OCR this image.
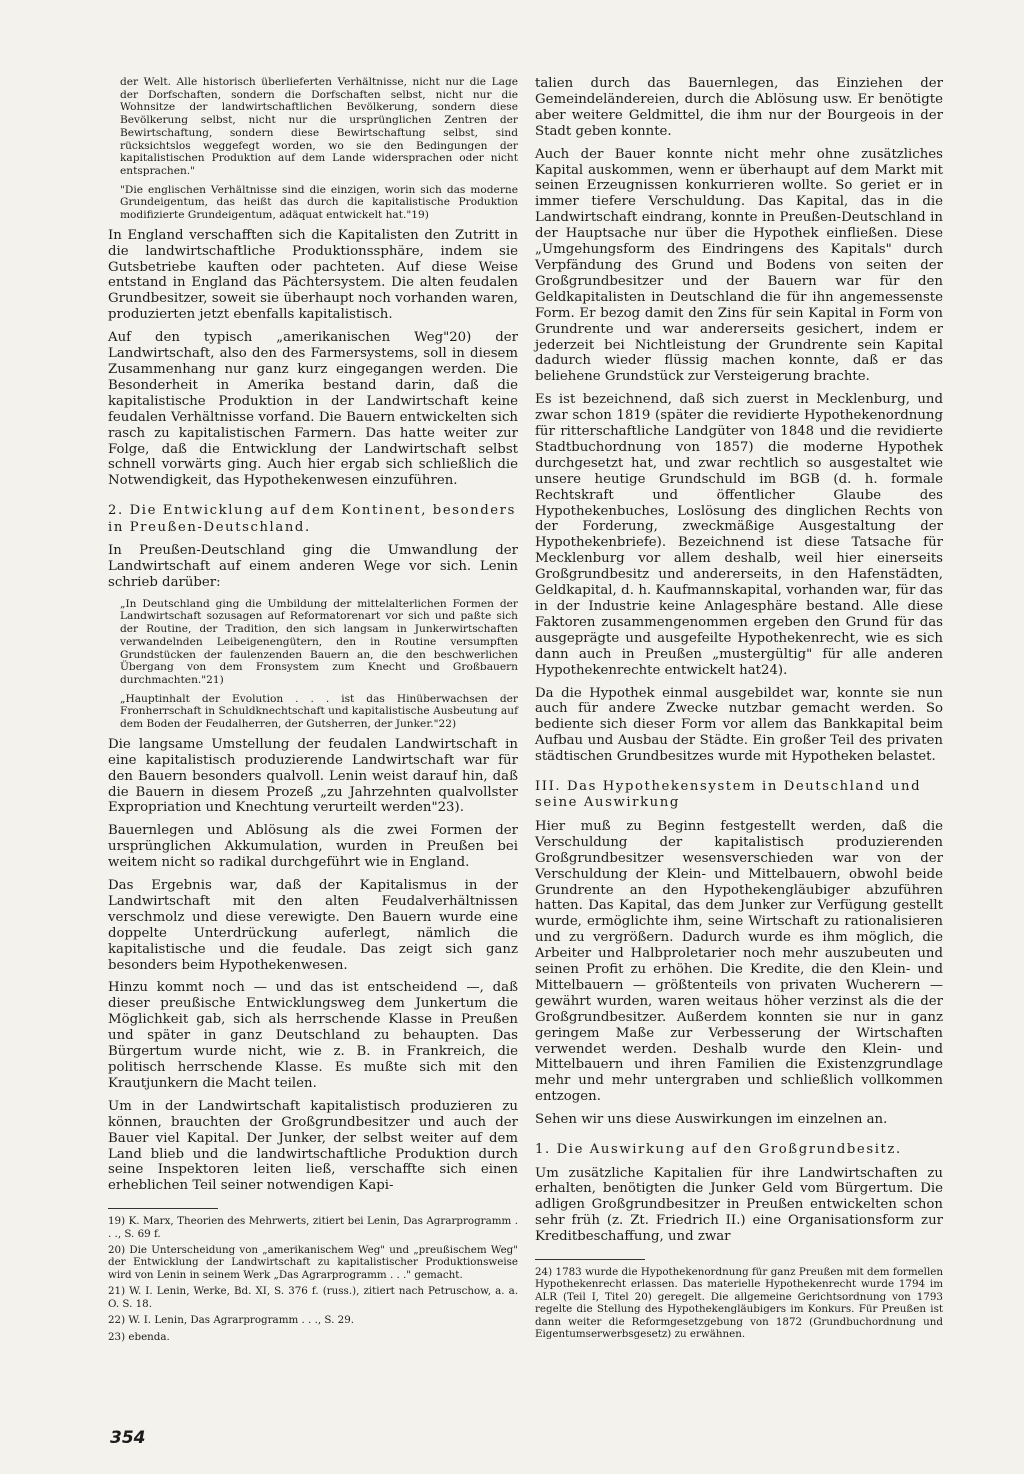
der Welt. Alle historisch überlieferten Verhältnisse, nicht nur die Lage der Dorfschaften, sondern die Dorfschaften selbst, nicht nur die Wohnsitze der landwirtschaftlichen Bevölkerung, sondern diese Bevölkerung selbst, nicht nur die ursprünglichen Zentren der Bewirtschaftung, sondern diese Bewirtschaftung selbst, sind rücksichtslos weggefegt worden, wo sie den Bedingungen der kapitalistischen Produktion auf dem Lande widersprachen oder nicht entsprachen."

"Die englischen Verhältnisse sind die einzigen, worin sich das moderne Grundeigentum, das heißt das durch die kapitalistische Produktion modifizierte Grundeigentum, adäquat entwickelt hat."19)

In England verschafften sich die Kapitalisten den Zutritt in die landwirtschaftliche Produktionssphäre, indem sie Gutsbetriebe kauften oder pachteten. Auf diese Weise entstand in England das Pächtersystem. Die alten feudalen Grundbesitzer, soweit sie überhaupt noch vorhanden waren, produzierten jetzt ebenfalls kapitalistisch.

Auf den typisch „amerikanischen Weg"20) der Landwirtschaft, also den des Farmersystems, soll in diesem Zusammenhang nur ganz kurz eingegangen werden. Die Besonderheit in Amerika bestand darin, daß die kapitalistische Produktion in der Landwirtschaft keine feudalen Verhältnisse vorfand. Die Bauern entwickelten sich rasch zu kapitalistischen Farmern. Das hatte weiter zur Folge, daß die Entwicklung der Landwirtschaft selbst schnell vorwärts ging. Auch hier ergab sich schließlich die Notwendigkeit, das Hypothekenwesen einzuführen.

2. Die Entwicklung auf dem Kontinent, besonders in Preußen-Deutschland.

In Preußen-Deutschland ging die Umwandlung der Landwirtschaft auf einem anderen Wege vor sich. Lenin schrieb darüber:

„In Deutschland ging die Umbildung der mittelalterlichen Formen der Landwirtschaft sozusagen auf Reformatorenart vor sich und paßte sich der Routine, der Tradition, den sich langsam in Junkerwirtschaften verwandelnden Leibeigenengütern, den in Routine versumpften Grundstücken der faulenzenden Bauern an, die den beschwerlichen Übergang von dem Fronsystem zum Knecht und Großbauern durchmachten."21)

„Hauptinhalt der Evolution . . . ist das Hinüberwachsen der Fronherrschaft in Schuldknechtschaft und kapitalistische Ausbeutung auf dem Boden der Feudalherren, der Gutsherren, der Junker."22)

Die langsame Umstellung der feudalen Landwirtschaft in eine kapitalistisch produzierende Landwirtschaft war für den Bauern besonders qualvoll. Lenin weist darauf hin, daß die Bauern in diesem Prozeß „zu Jahrzehnten qualvollster Expropriation und Knechtung verurteilt werden"23).

Bauernlegen und Ablösung als die zwei Formen der ursprünglichen Akkumulation, wurden in Preußen bei weitem nicht so radikal durchgeführt wie in England.

Das Ergebnis war, daß der Kapitalismus in der Landwirtschaft mit den alten Feudalverhältnissen verschmolz und diese verewigte. Den Bauern wurde eine doppelte Unterdrückung auferlegt, nämlich die kapitalistische und die feudale. Das zeigt sich ganz besonders beim Hypothekenwesen.

Hinzu kommt noch — und das ist entscheidend —, daß dieser preußische Entwicklungsweg dem Junkertum die Möglichkeit gab, sich als herrschende Klasse in Preußen und später in ganz Deutschland zu behaupten. Das Bürgertum wurde nicht, wie z. B. in Frankreich, die politisch herrschende Klasse. Es mußte sich mit den Krautjunkern die Macht teilen.

Um in der Landwirtschaft kapitalistisch produzieren zu können, brauchten der Großgrundbesitzer und auch der Bauer viel Kapital. Der Junker, der selbst weiter auf dem Land blieb und die landwirtschaftliche Produktion durch seine Inspektoren leiten ließ, verschaffte sich einen erheblichen Teil seiner notwendigen Kapi-

19) K. Marx, Theorien des Mehrwerts, zitiert bei Lenin, Das Agrarprogramm . . ., S. 69 f.

20) Die Unterscheidung von „amerikanischem Weg" und „preußischem Weg" der Entwicklung der Landwirtschaft zu kapitalistischer Produktionsweise wird von Lenin in seinem Werk „Das Agrarprogramm . . ." gemacht.

21) W. I. Lenin, Werke, Bd. XI, S. 376 f. (russ.), zitiert nach Petruschow, a. a. O. S. 18.

22) W. I. Lenin, Das Agrarprogramm . . ., S. 29.

23) ebenda.

talien durch das Bauernlegen, das Einziehen der Gemeindeländereien, durch die Ablösung usw. Er benötigte aber weitere Geldmittel, die ihm nur der Bourgeois in der Stadt geben konnte.

Auch der Bauer konnte nicht mehr ohne zusätzliches Kapital auskommen, wenn er überhaupt auf dem Markt mit seinen Erzeugnissen konkurrieren wollte. So geriet er in immer tiefere Verschuldung. Das Kapital, das in die Landwirtschaft eindrang, konnte in Preußen-Deutschland in der Hauptsache nur über die Hypothek einfließen. Diese „Umgehungsform des Eindringens des Kapitals" durch Verpfändung des Grund und Bodens von seiten der Großgrundbesitzer und der Bauern war für den Geldkapitalisten in Deutschland die für ihn angemessenste Form. Er bezog damit den Zins für sein Kapital in Form von Grundrente und war andererseits gesichert, indem er jederzeit bei Nichtleistung der Grundrente sein Kapital dadurch wieder flüssig machen konnte, daß er das beliehene Grundstück zur Versteigerung brachte.

Es ist bezeichnend, daß sich zuerst in Mecklenburg, und zwar schon 1819 (später die revidierte Hypothekenordnung für ritterschaftliche Landgüter von 1848 und die revidierte Stadtbuchordnung von 1857) die moderne Hypothek durchgesetzt hat, und zwar rechtlich so ausgestaltet wie unsere heutige Grundschuld im BGB (d. h. formale Rechtskraft und öffentlicher Glaube des Hypothekenbuches, Loslösung des dinglichen Rechts von der Forderung, zweckmäßige Ausgestaltung der Hypothekenbriefe). Bezeichnend ist diese Tatsache für Mecklenburg vor allem deshalb, weil hier einerseits Großgrundbesitz und andererseits, in den Hafenstädten, Geldkapital, d. h. Kaufmannskapital, vorhanden war, für das in der Industrie keine Anlagesphäre bestand. Alle diese Faktoren zusammengenommen ergeben den Grund für das ausgeprägte und ausgefeilte Hypothekenrecht, wie es sich dann auch in Preußen „mustergültig" für alle anderen Hypothekenrechte entwickelt hat24).

Da die Hypothek einmal ausgebildet war, konnte sie nun auch für andere Zwecke nutzbar gemacht werden. So bediente sich dieser Form vor allem das Bankkapital beim Aufbau und Ausbau der Städte. Ein großer Teil des privaten städtischen Grundbesitzes wurde mit Hypotheken belastet.

III. Das Hypothekensystem in Deutschland und seine Auswirkung

Hier muß zu Beginn festgestellt werden, daß die Verschuldung der kapitalistisch produzierenden Großgrundbesitzer wesensverschieden war von der Verschuldung der Klein- und Mittelbauern, obwohl beide Grundrente an den Hypothekengläubiger abzuführen hatten. Das Kapital, das dem Junker zur Verfügung gestellt wurde, ermöglichte ihm, seine Wirtschaft zu rationalisieren und zu vergrößern. Dadurch wurde es ihm möglich, die Arbeiter und Halbproletarier noch mehr auszubeuten und seinen Profit zu erhöhen. Die Kredite, die den Klein- und Mittelbauern — größtenteils von privaten Wucherern — gewährt wurden, waren weitaus höher verzinst als die der Großgrundbesitzer. Außerdem konnten sie nur in ganz geringem Maße zur Verbesserung der Wirtschaften verwendet werden. Deshalb wurde den Klein- und Mittelbauern und ihren Familien die Existenzgrundlage mehr und mehr untergraben und schließlich vollkommen entzogen.

Sehen wir uns diese Auswirkungen im einzelnen an.

1. Die Auswirkung auf den Großgrundbesitz.

Um zusätzliche Kapitalien für ihre Landwirtschaften zu erhalten, benötigten die Junker Geld vom Bürgertum. Die adligen Großgrundbesitzer in Preußen entwickelten schon sehr früh (z. Zt. Friedrich II.) eine Organisationsform zur Kreditbeschaffung, und zwar

24) 1783 wurde die Hypothekenordnung für ganz Preußen mit dem formellen Hypothekenrecht erlassen. Das materielle Hypothekenrecht wurde 1794 im ALR (Teil I, Titel 20) geregelt. Die allgemeine Gerichtsordnung von 1793 regelte die Stellung des Hypothekengläubigers im Konkurs. Für Preußen ist dann weiter die Reformgesetzgebung von 1872 (Grundbuchordnung und Eigentumserwerbsgesetz) zu erwähnen.

354
